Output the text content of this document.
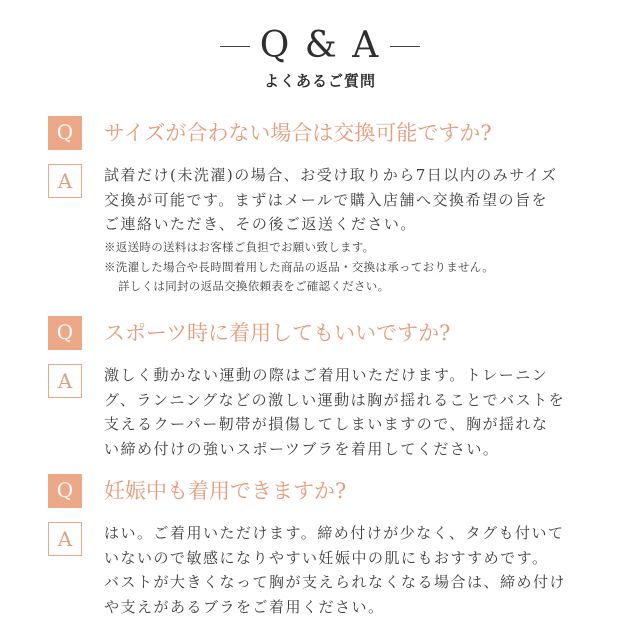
Q & A
よくあるご質問
Q	サイズが合わない場合は交換可能ですか?
A	試着だけ(未洗濯)の場合、お受け取りから7日以内のみサイズ
交換が可能です。まずはメールで購入店舗へ交換希望の旨を
ご連絡いただき、その後ご返送ください。
※返送時の送料はお客様ご負担でお願い致します。
※洗濯した場合や長時間着用した商品の返品・交換は承っておりません。
詳しくは同封の返品交換依頼表をご確認ください。
Q	スポーツ時に着用してもいいですか?
A	激しく動かない運動の際はご着用いただけます。トレーニン
グ、ランニングなどの激しい運動は胸が揺れることでバストを
支えるクーパー靭帯が損傷してしまいますので、胸が揺れな
い締め付けの強いスポーツブラを着用してください。
Q	妊娠中も着用できますか?
A	はい。ご着用いただけます。締め付けが少なく、タグも付いて
いないので敏感になりやすい妊娠中の肌にもおすすめです。
バストが大きくなって胸が支えられなくなる場合は、締め付け
や支えがあるブラをご着用ください。
